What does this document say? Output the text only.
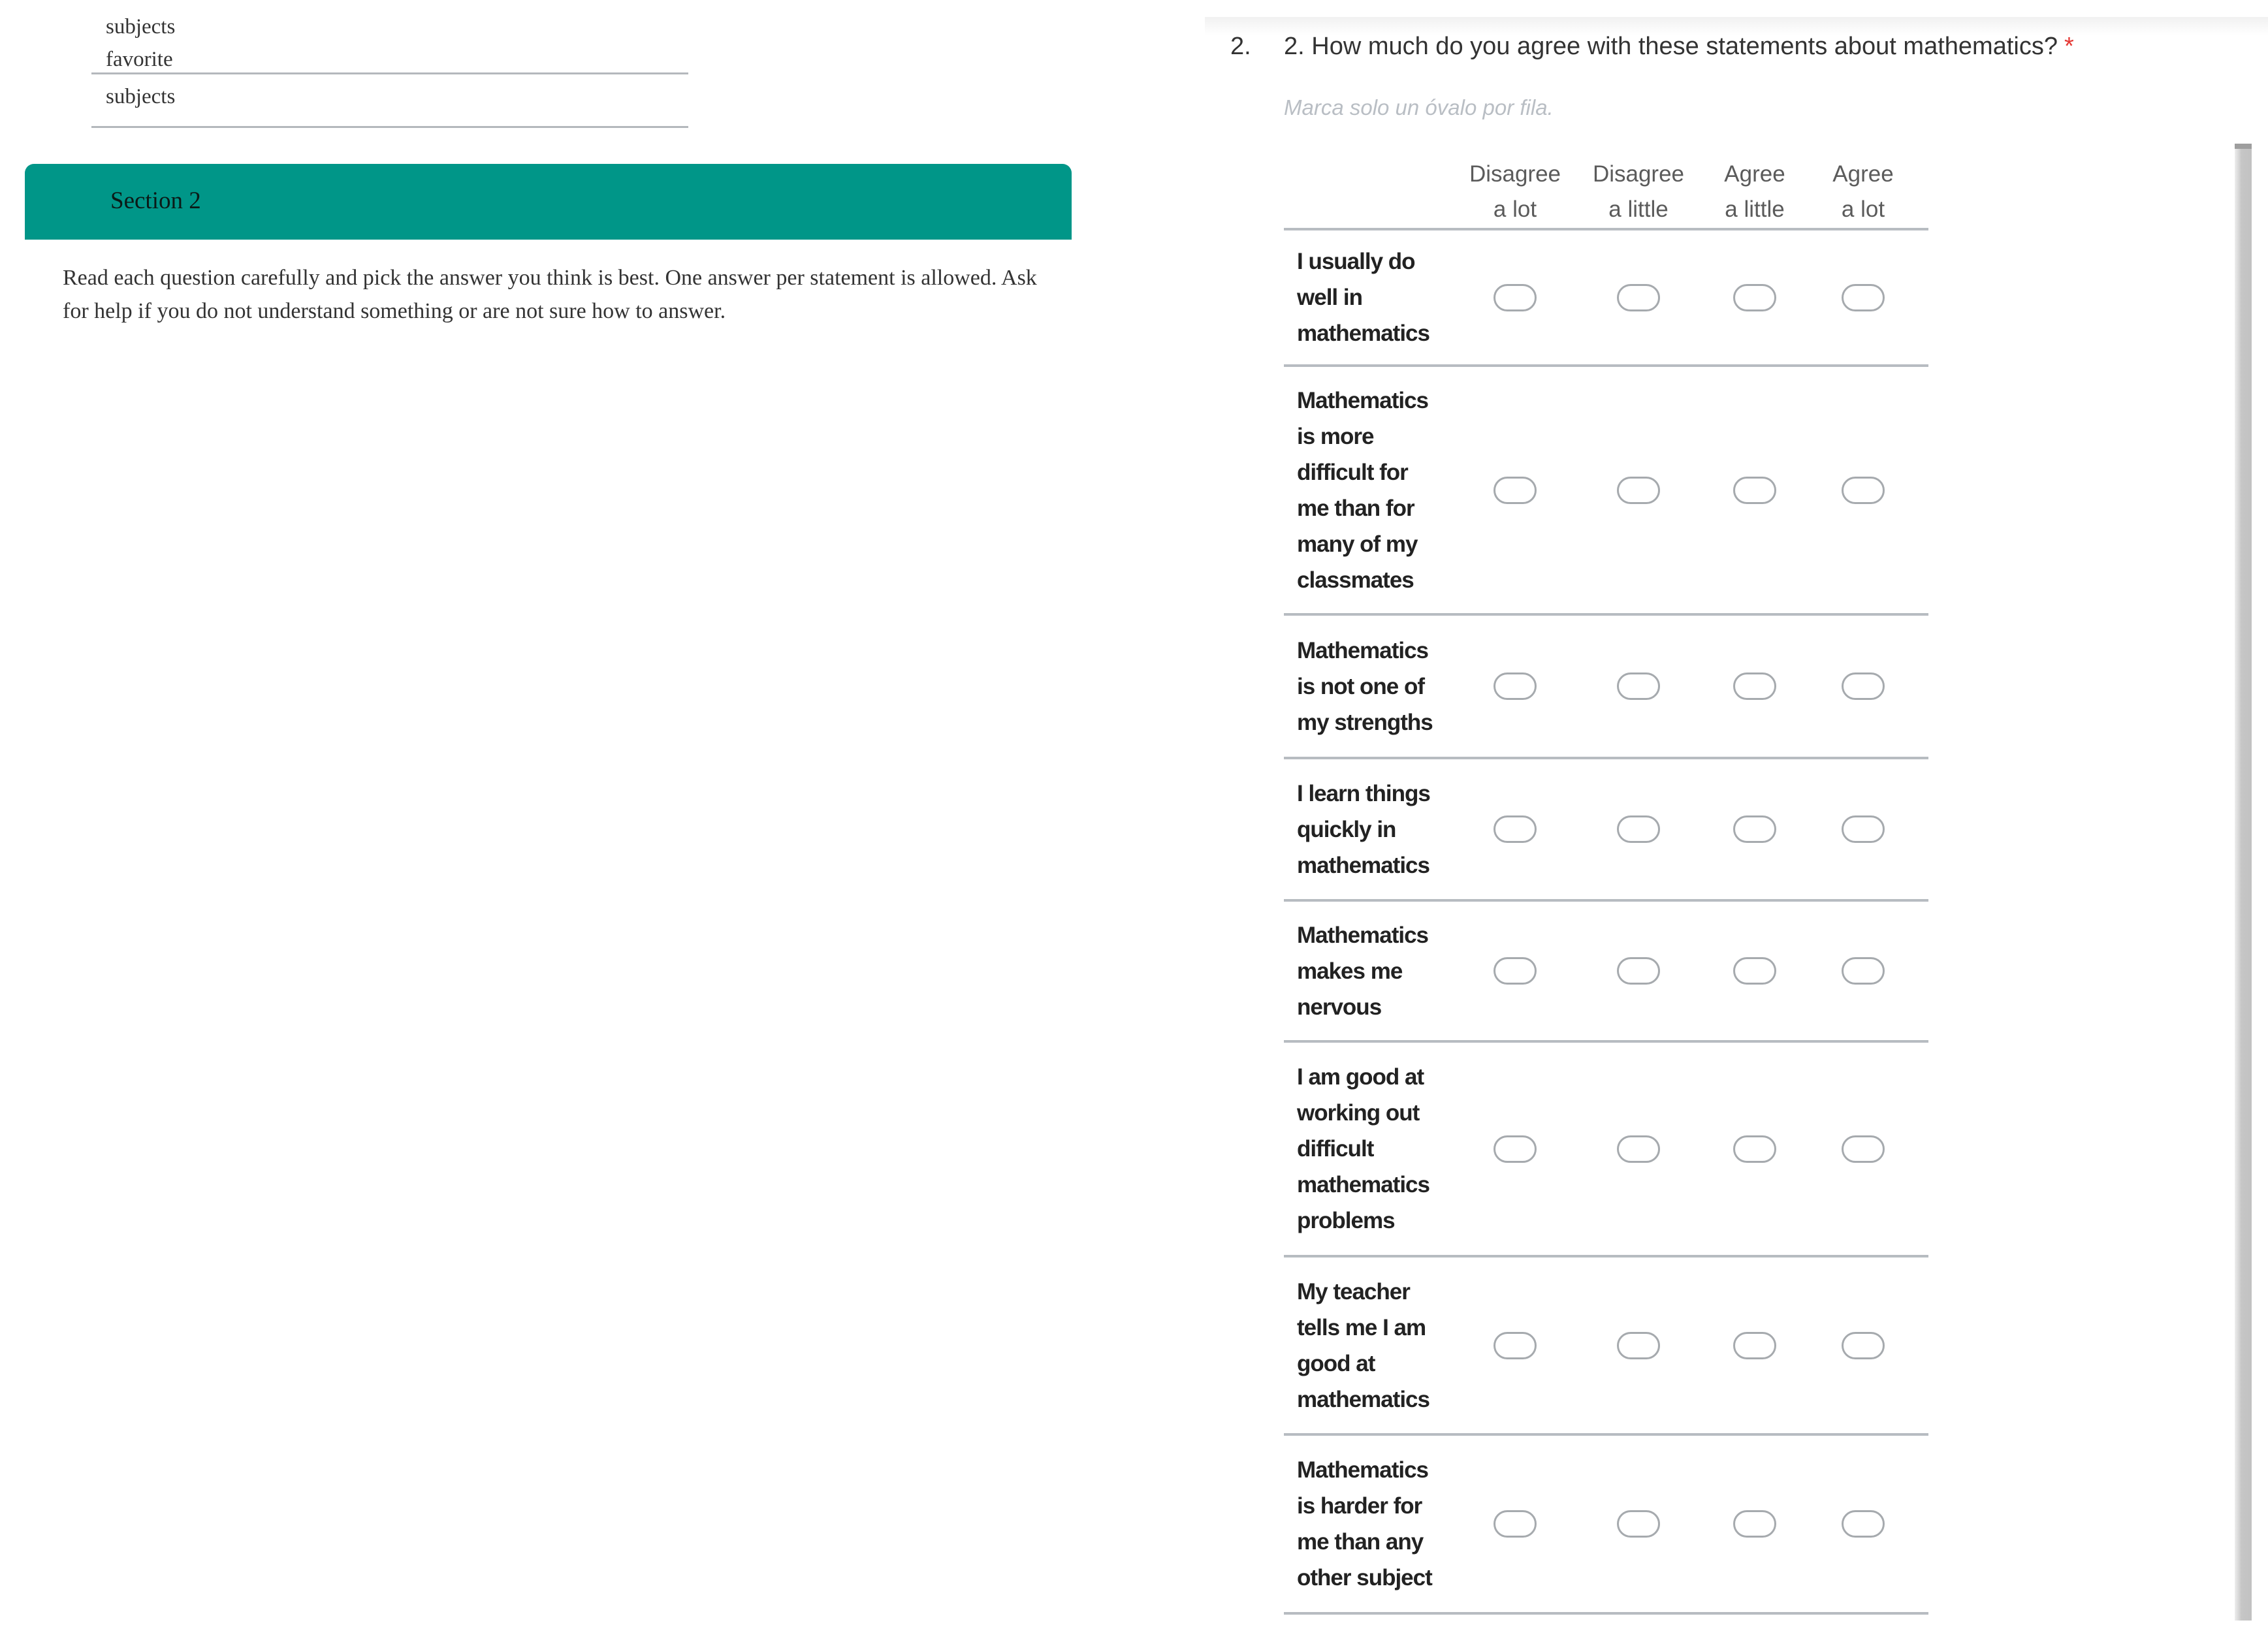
subjects
favorite
subjects
Section 2
Read each question carefully and pick the answer you think is best. One answer per statement is allowed. Ask for help if you do not understand something or are not sure how to answer.
2. 2. How much do you agree with these statements about mathematics? *
Marca solo un óvalo por fila.
Disagree
a lot
Disagree
a little
Agree
a little
Agree
a lot
I usually do
well in
mathematics
Mathematics
is more
difficult for
me than for
many of my
classmates
Mathematics
is not one of
my strengths
I learn things
quickly in
mathematics
Mathematics
makes me
nervous
I am good at
working out
difficult
mathematics
problems
My teacher
tells me I am
good at
mathematics
Mathematics
is harder for
me than any
other subject
